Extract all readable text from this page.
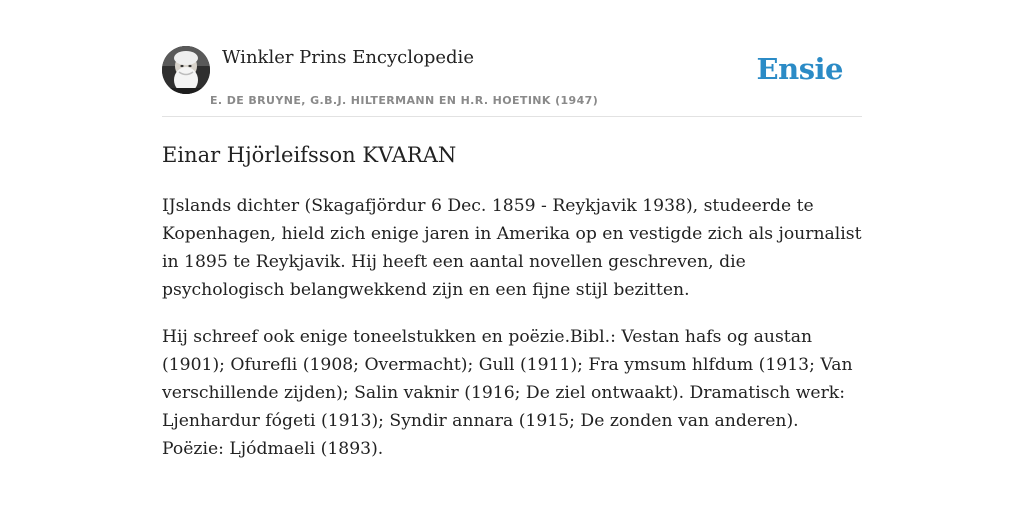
Winkler Prins Encyclopedie
E. DE BRUYNE, G.B.J. HILTERMANN EN H.R. HOETINK (1947)
Ensie
Einar Hjörleifsson KVARAN

IJslands dichter (Skagafjördur 6 Dec. 1859 - Reykjavik 1938), studeerde te Kopenhagen, hield zich enige jaren in Amerika op en vestigde zich als journalist in 1895 te Reykjavik. Hij heeft een aantal novellen geschreven, die psychologisch belangwekkend zijn en een fijne stijl bezitten.

Hij schreef ook enige toneelstukken en poëzie.Bibl.: Vestan hafs og austan (1901); Ofurefli (1908; Overmacht); Gull (1911); Fra ymsum hlfdum (1913; Van verschillende zijden); Salin vaknir (1916; De ziel ontwaakt). Dramatisch werk: Ljenhardur fógeti (1913); Syndir annara (1915; De zonden van anderen). Poëzie: Ljódmaeli (1893).
